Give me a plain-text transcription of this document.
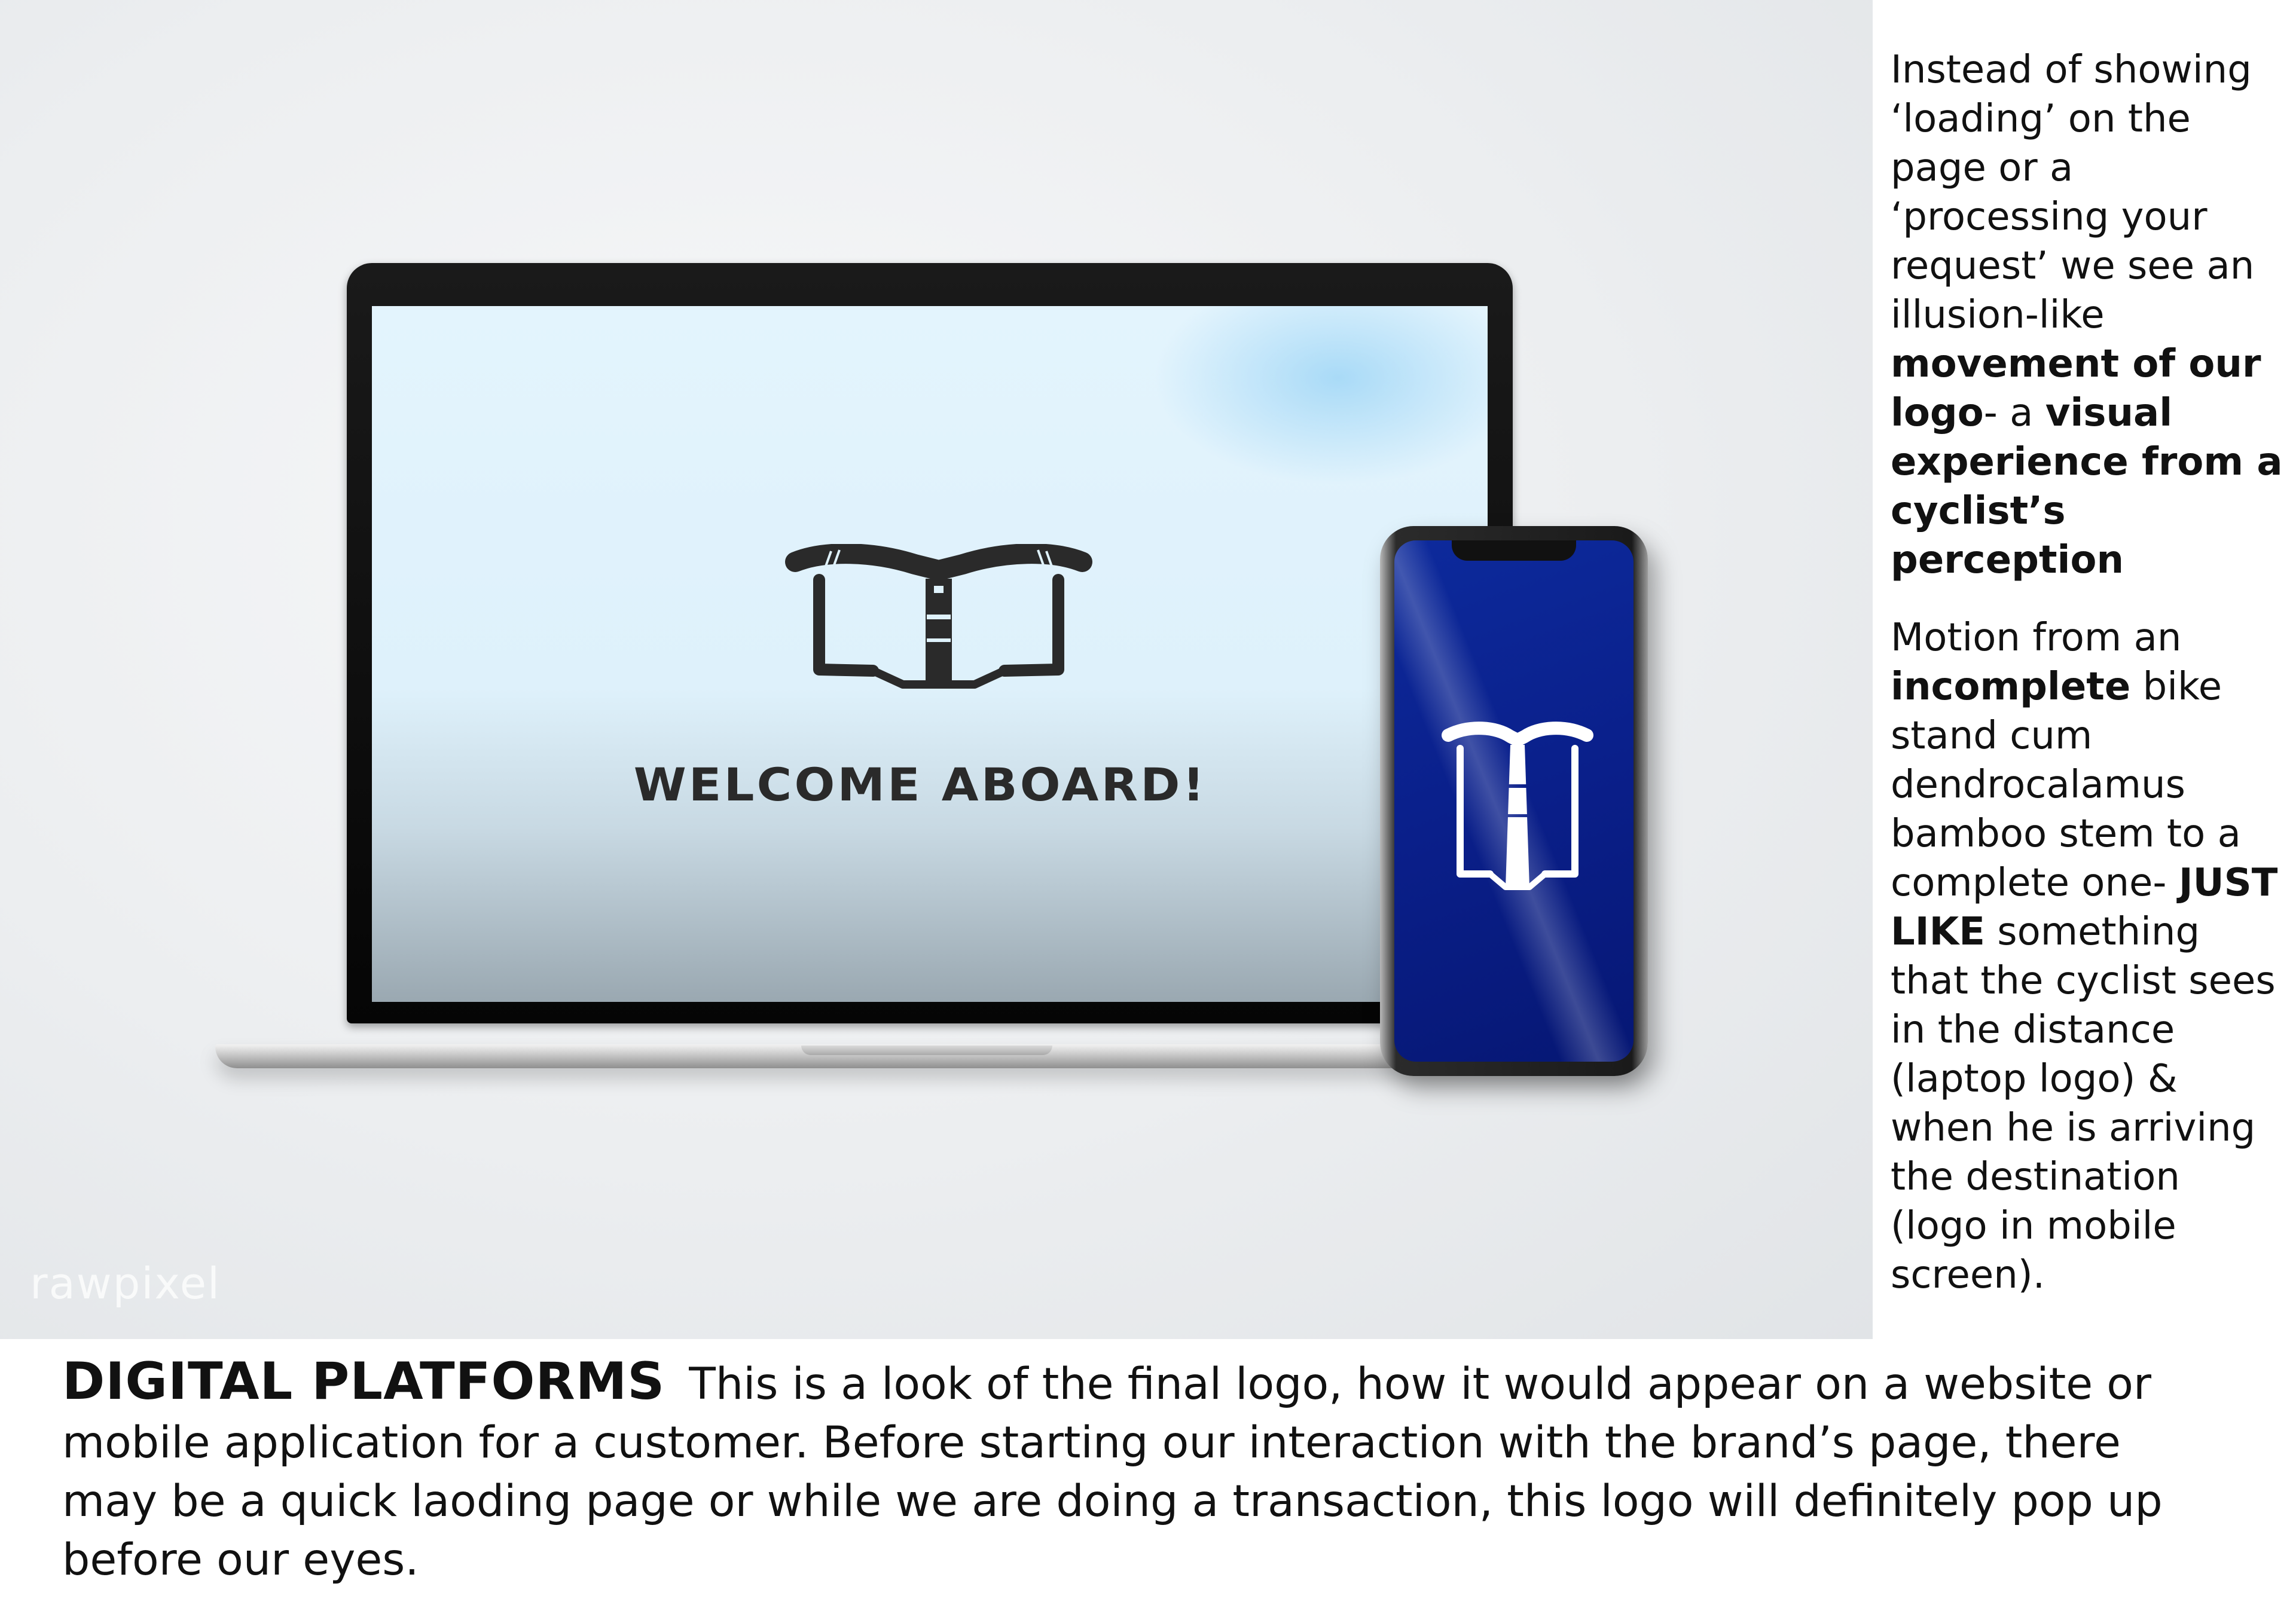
WELCOME ABOARD!
rawpixel

Instead of showing ‘loading’ on the page or a ‘processing your request’ we see an illusion-like movement of our logo- a visual experience from a cyclist’s perception

Motion from an incomplete bike stand cum dendrocalamus bamboo stem to a complete one- JUST LIKE something that the cyclist sees in the distance (laptop logo) & when he is arriving the destination (logo in mobile screen).

DIGITAL PLATFORMS This is a look of the final logo, how it would appear on a website or mobile application for a customer. Before starting our interaction with the brand’s page, there may be a quick laoding page or while we are doing a transaction, this logo will definitely pop up before our eyes.
